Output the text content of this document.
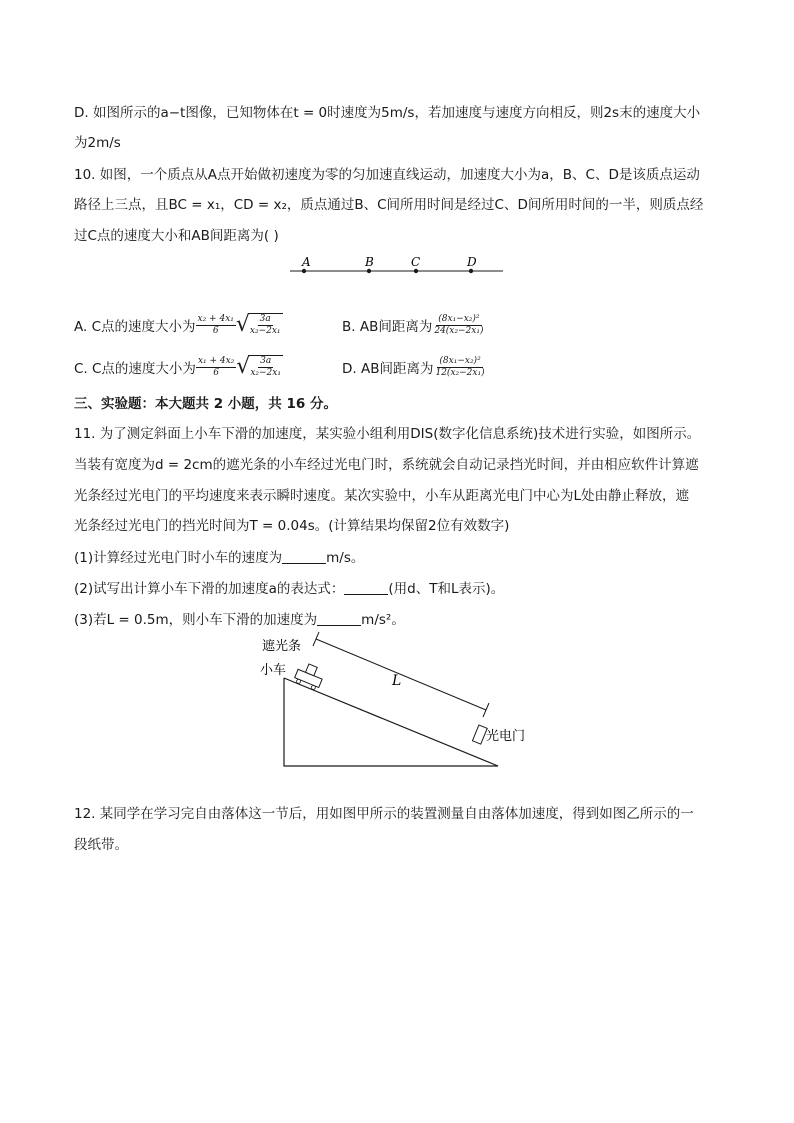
D. 如图所示的a−t图像，已知物体在t = 0时速度为5m/s，若加速度与速度方向相反，则2s末的速度大小
为2m/s
10. 如图，一个质点从A点开始做初速度为零的匀加速直线运动，加速度大小为a，B、C、D是该质点运动
路径上三点，且BC = x₁，CD = x₂，质点通过B、C间所用时间是经过C、D间所用时间的一半，则质点经
过C点的速度大小和AB间距离为( )
A	B	C	D
A. C点的速度大小为 $\frac{\text{x₂ + 4x₁}}{6}$ √
$\frac{3a}{\text{x₂−2x₁}}$	B. AB间距离为 $\frac{\text{(8x₁−x₂)²}}{\text{24(x₂−2x₁)}}$
C. C点的速度大小为 $\frac{\text{x₁ + 4x₂}}{6}$ √
$\frac{3a}{\text{x₂−2x₁}}$	D. AB间距离为 $\frac{\text{(8x₁−x₂)²}}{\text{12(x₂−2x₁)}}$
三、实验题：本大题共 2 小题，共 16 分。
11. 为了测定斜面上小车下滑的加速度，某实验小组利用DIS(数字化信息系统)技术进行实验，如图所示。
当装有宽度为d = 2cm的遮光条的小车经过光电门时，系统就会自动记录挡光时间，并由相应软件计算遮
光条经过光电门的平均速度来表示瞬时速度。某次实验中，小车从距离光电门中心为L处由静止释放，遮
光条经过光电门的挡光时间为T = 0.04s。(计算结果均保留2位有效数字)
(1)计算经过光电门时小车的速度为	m/s。
(2)试写出计算小车下滑的加速度a的表达式：	(用d、T和L表示)。
(3)若L = 0.5m，则小车下滑的加速度为	m/s²。
遮光条
小车
L
光电门
12. 某同学在学习完自由落体这一节后，用如图甲所示的装置测量自由落体加速度，得到如图乙所示的一
段纸带。
